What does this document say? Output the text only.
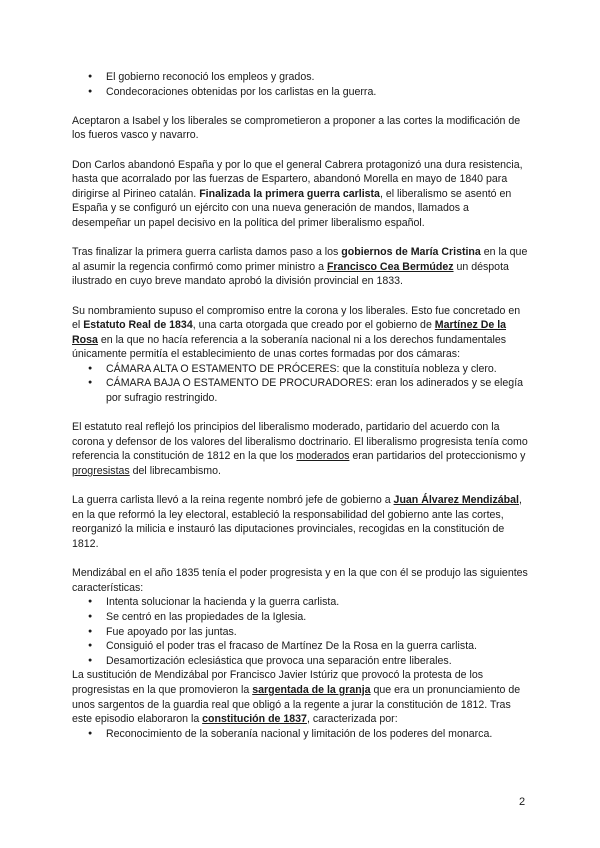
● El gobierno reconoció los empleos y grados.
● Condecoraciones obtenidas por los carlistas en la guerra.

Aceptaron a Isabel y los liberales se comprometieron a proponer a las cortes la modificación de los fueros vasco y navarro.

Don Carlos abandonó España y por lo que el general Cabrera protagonizó una dura resistencia, hasta que acorralado por las fuerzas de Espartero, abandonó Morella en mayo de 1840 para dirigirse al Pirineo catalán. Finalizada la primera guerra carlista, el liberalismo se asentó en España y se configuró un ejército con una nueva generación de mandos, llamados a desempeñar un papel decisivo en la política del primer liberalismo español.

Tras finalizar la primera guerra carlista damos paso a los gobiernos de María Cristina en la que al asumir la regencia confirmó como primer ministro a Francisco Cea Bermúdez un déspota ilustrado en cuyo breve mandato aprobó la división provincial en 1833.

Su nombramiento supuso el compromiso entre la corona y los liberales. Esto fue concretado en el Estatuto Real de 1834, una carta otorgada que creado por el gobierno de Martínez De la Rosa en la que no hacía referencia a la soberanía nacional ni a los derechos fundamentales únicamente permitía el establecimiento de unas cortes formadas por dos cámaras:

● CÁMARA ALTA O ESTAMENTO DE PRÓCERES: que la constituía nobleza y clero.
● CÁMARA BAJA O ESTAMENTO DE PROCURADORES: eran los adinerados y se elegía por sufragio restringido.

El estatuto real reflejó los principios del liberalismo moderado, partidario del acuerdo con la corona y defensor de los valores del liberalismo doctrinario. El liberalismo progresista tenía como referencia la constitución de 1812 en la que los moderados eran partidarios del proteccionismo y progresistas del librecambismo.

La guerra carlista llevó a la reina regente nombró jefe de gobierno a Juan Álvarez Mendizábal, en la que reformó la ley electoral, estableció la responsabilidad del gobierno ante las cortes, reorganizó la milicia e instauró las diputaciones provinciales, recogidas en la constitución de 1812.

Mendizábal en el año 1835 tenía el poder progresista y en la que con él se produjo las siguientes características:

● Intenta solucionar la hacienda y la guerra carlista.
● Se centró en las propiedades de la Iglesia.
● Fue apoyado por las juntas.
● Consiguió el poder tras el fracaso de Martínez De la Rosa en la guerra carlista.
● Desamortización eclesiástica que provoca una separación entre liberales.

La sustitución de Mendizábal por Francisco Javier Istúriz que provocó la protesta de los progresistas en la que promovieron la sargentada de la granja que era un pronunciamiento de unos sargentos de la guardia real que obligó a la regente a jurar la constitución de 1812. Tras este episodio elaboraron la constitución de 1837, caracterizada por:

● Reconocimiento de la soberanía nacional y limitación de los poderes del monarca.
2
